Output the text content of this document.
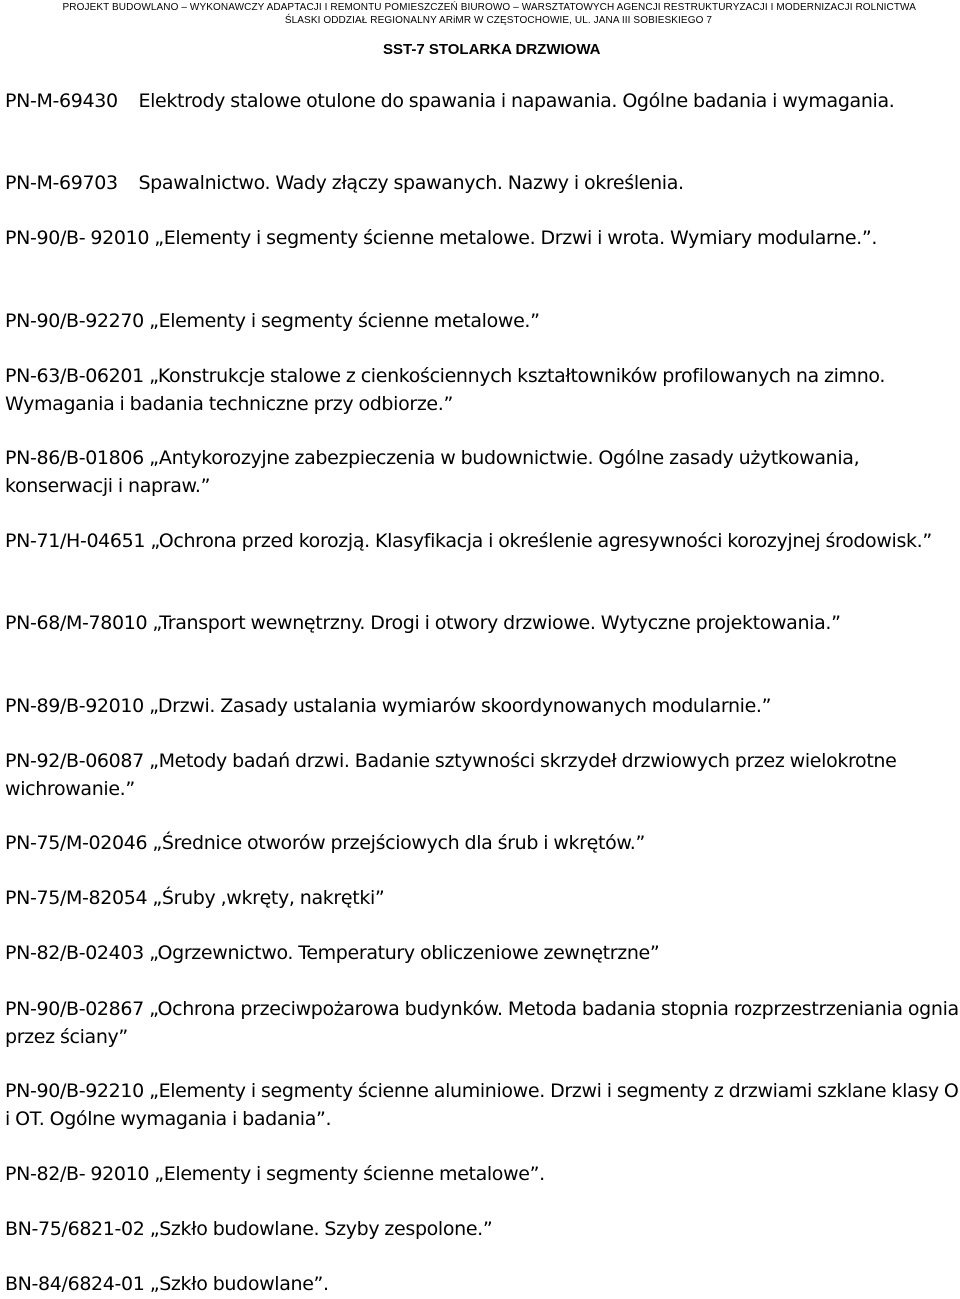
PROJEKT BUDOWLANO – WYKONAWCZY ADAPTACJI I REMONTU POMIESZCZEŃ BIUROWO – WARSZTATOWYCH AGENCJI RESTRUKTURYZACJI I MODERNIZACJI ROLNICTWA
ŚLASKI ODDZIAŁ REGIONALNY ARiMR W CZĘSTOCHOWIE, UL. JANA III SOBIESKIEGO 7
SST-7 STOLARKA DRZWIOWA

PN-M-69430    Elektrody stalowe otulone do spawania i napawania. Ogólne badania i wymagania.

PN-M-69703    Spawalnictwo. Wady złączy spawanych. Nazwy i określenia.

PN-90/B- 92010 „Elementy i segmenty ścienne metalowe. Drzwi i wrota. Wymiary modularne.”.

PN-90/B-92270 „Elementy i segmenty ścienne metalowe.”

PN-63/B-06201 „Konstrukcje stalowe z cienkościennych kształtowników profilowanych na zimno. Wymagania i badania techniczne przy odbiorze.”

PN-86/B-01806 „Antykorozyjne zabezpieczenia w budownictwie. Ogólne zasady użytkowania, konserwacji i napraw.”

PN-71/H-04651 „Ochrona przed korozją. Klasyfikacja i określenie agresywności korozyjnej środowisk.”

PN-68/M-78010 „Transport wewnętrzny. Drogi i otwory drzwiowe. Wytyczne projektowania.”

PN-89/B-92010 „Drzwi. Zasady ustalania wymiarów skoordynowanych modularnie.”

PN-92/B-06087 „Metody badań drzwi. Badanie sztywności skrzydeł drzwiowych przez wielokrotne wichrowanie.”

PN-75/M-02046 „Średnice otworów przejściowych dla śrub i wkrętów.”

PN-75/M-82054 „Śruby ,wkręty, nakrętki”

PN-82/B-02403 „Ogrzewnictwo. Temperatury obliczeniowe zewnętrzne”

PN-90/B-02867 „Ochrona przeciwpożarowa budynków. Metoda badania stopnia rozprzestrzeniania ognia przez ściany”

PN-90/B-92210 „Elementy i segmenty ścienne aluminiowe. Drzwi i segmenty z drzwiami szklane klasy O i OT. Ogólne wymagania i badania”.

PN-82/B- 92010 „Elementy i segmenty ścienne metalowe”.

BN-75/6821-02 „Szkło budowlane. Szyby zespolone.”

BN-84/6824-01 „Szkło budowlane”.
